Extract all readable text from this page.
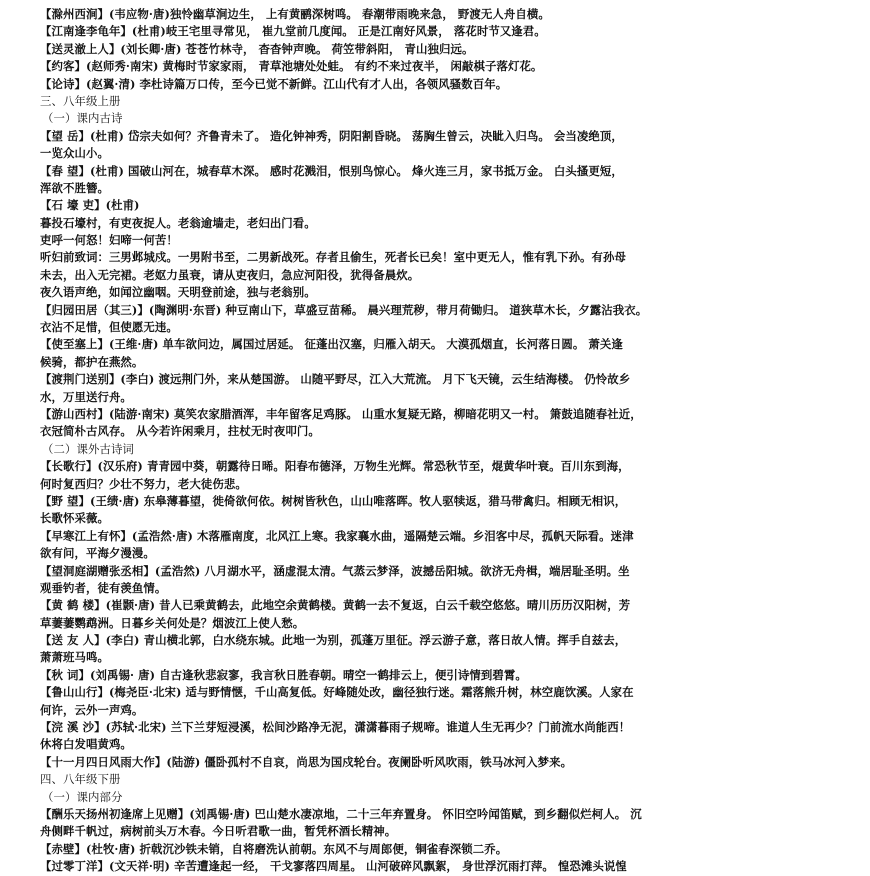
【滁州西涧】(韦应物·唐)独怜幽草涧边生， 上有黄鹂深树鸣。 春潮带雨晚来急， 野渡无人舟自横。
【江南逢李龟年】(杜甫)岐王宅里寻常见， 崔九堂前几度闻。 正是江南好风景， 落花时节又逢君。
【送灵澈上人】(刘长卿·唐) 苍苍竹林寺， 杳杳钟声晚。 荷笠带斜阳， 青山独归远。
【约客】(赵师秀·南宋) 黄梅时节家家雨， 青草池塘处处蛙。 有约不来过夜半， 闲敲棋子落灯花。
【论诗】(赵翼·清) 李杜诗篇万口传，至今已觉不新鲜。江山代有才人出，各领风骚数百年。
三、八年级上册
（一）课内古诗
【望 岳】(杜甫) 岱宗夫如何？齐鲁青未了。 造化钟神秀，阴阳割昏晓。 荡胸生曾云，决眦入归鸟。 会当凌绝顶，
一览众山小。
【春 望】(杜甫) 国破山河在，城春草木深。 感时花溅泪，恨别鸟惊心。 烽火连三月，家书抵万金。 白头搔更短，
浑欲不胜簪。
【石 壕 吏】(杜甫)
暮投石壕村，有吏夜捉人。老翁逾墙走，老妇出门看。
吏呼一何怒！妇啼一何苦！
听妇前致词：三男邺城戍。一男附书至，二男新战死。存者且偷生，死者长已矣！室中更无人，惟有乳下孙。有孙母
未去，出入无完裙。老妪力虽衰，请从吏夜归，急应河阳役，犹得备晨炊。
夜久语声绝，如闻泣幽咽。天明登前途，独与老翁别。
【归园田居（其三)】(陶渊明·东晋) 种豆南山下，草盛豆苗稀。 晨兴理荒秽，带月荷锄归。 道狭草木长，夕露沾我衣。
衣沾不足惜，但使愿无违。
【使至塞上】(王维·唐) 单车欲问边，属国过居延。 征蓬出汉塞，归雁入胡天。 大漠孤烟直，长河落日圆。 萧关逢
候骑，都护在燕然。
【渡荆门送别】(李白) 渡远荆门外，来从楚国游。 山随平野尽，江入大荒流。 月下飞天镜，云生结海楼。 仍怜故乡
水，万里送行舟。
【游山西村】(陆游·南宋) 莫笑农家腊酒浑，丰年留客足鸡豚。 山重水复疑无路，柳暗花明又一村。 箫鼓追随春社近，
衣冠简朴古风存。 从今若许闲乘月，拄杖无时夜叩门。
（二）课外古诗词
【长歌行】(汉乐府) 青青园中葵，朝露待日晞。阳春布德泽，万物生光辉。常恐秋节至，焜黄华叶衰。百川东到海，
何时复西归？少壮不努力，老大徒伤悲。
【野 望】(王绩·唐) 东皋薄暮望，徙倚欲何依。树树皆秋色，山山唯落晖。牧人驱犊返，猎马带禽归。相顾无相识，
长歌怀采薇。
【早寒江上有怀】(孟浩然·唐) 木落雁南度，北风江上寒。我家襄水曲，遥隔楚云端。乡泪客中尽，孤帆天际看。迷津
欲有问，平海夕漫漫。
【望洞庭湖赠张丞相】(孟浩然) 八月湖水平，涵虚混太清。气蒸云梦泽，波撼岳阳城。欲济无舟楫，端居耻圣明。坐
观垂钓者，徒有羡鱼情。
【黄 鹤 楼】(崔颢·唐) 昔人已乘黄鹤去，此地空余黄鹤楼。黄鹤一去不复返，白云千载空悠悠。晴川历历汉阳树，芳
草萋萋鹦鹉洲。日暮乡关何处是？烟波江上使人愁。
【送 友 人】(李白) 青山横北郭，白水绕东城。此地一为别，孤蓬万里征。浮云游子意，落日故人情。挥手自兹去，
萧萧班马鸣。
【秋 词】(刘禹锡· 唐) 自古逢秋悲寂寥，我言秋日胜春朝。晴空一鹤排云上，便引诗情到碧霄。
【鲁山山行】(梅尧臣·北宋) 适与野情惬，千山高复低。好峰随处改，幽径独行迷。霜落熊升树，林空鹿饮溪。人家在
何许，云外一声鸡。
【浣 溪 沙】(苏轼·北宋) 兰下兰芽短浸溪，松间沙路净无泥，潇潇暮雨子规啼。谁道人生无再少？门前流水尚能西！
休将白发唱黄鸡。
【十一月四日风雨大作】(陆游) 僵卧孤村不自哀，尚思为国戍轮台。夜阑卧听风吹雨，铁马冰河入梦来。
四、八年级下册
（一）课内部分
【酬乐天扬州初逢席上见赠】(刘禹锡·唐) 巴山楚水凄凉地，二十三年弃置身。 怀旧空吟闻笛赋，到乡翻似烂柯人。 沉
舟侧畔千帆过，病树前头万木春。今日听君歌一曲，暂凭杯酒长精神。
【赤壁】(杜牧·唐) 折戟沉沙铁未销，自将磨洗认前朝。东风不与周郎便，铜雀春深锁二乔。
【过零丁洋】(文天祥·明) 辛苦遭逢起一经， 干戈寥落四周星。 山河破碎风飘絮， 身世浮沉雨打萍。 惶恐滩头说惶
